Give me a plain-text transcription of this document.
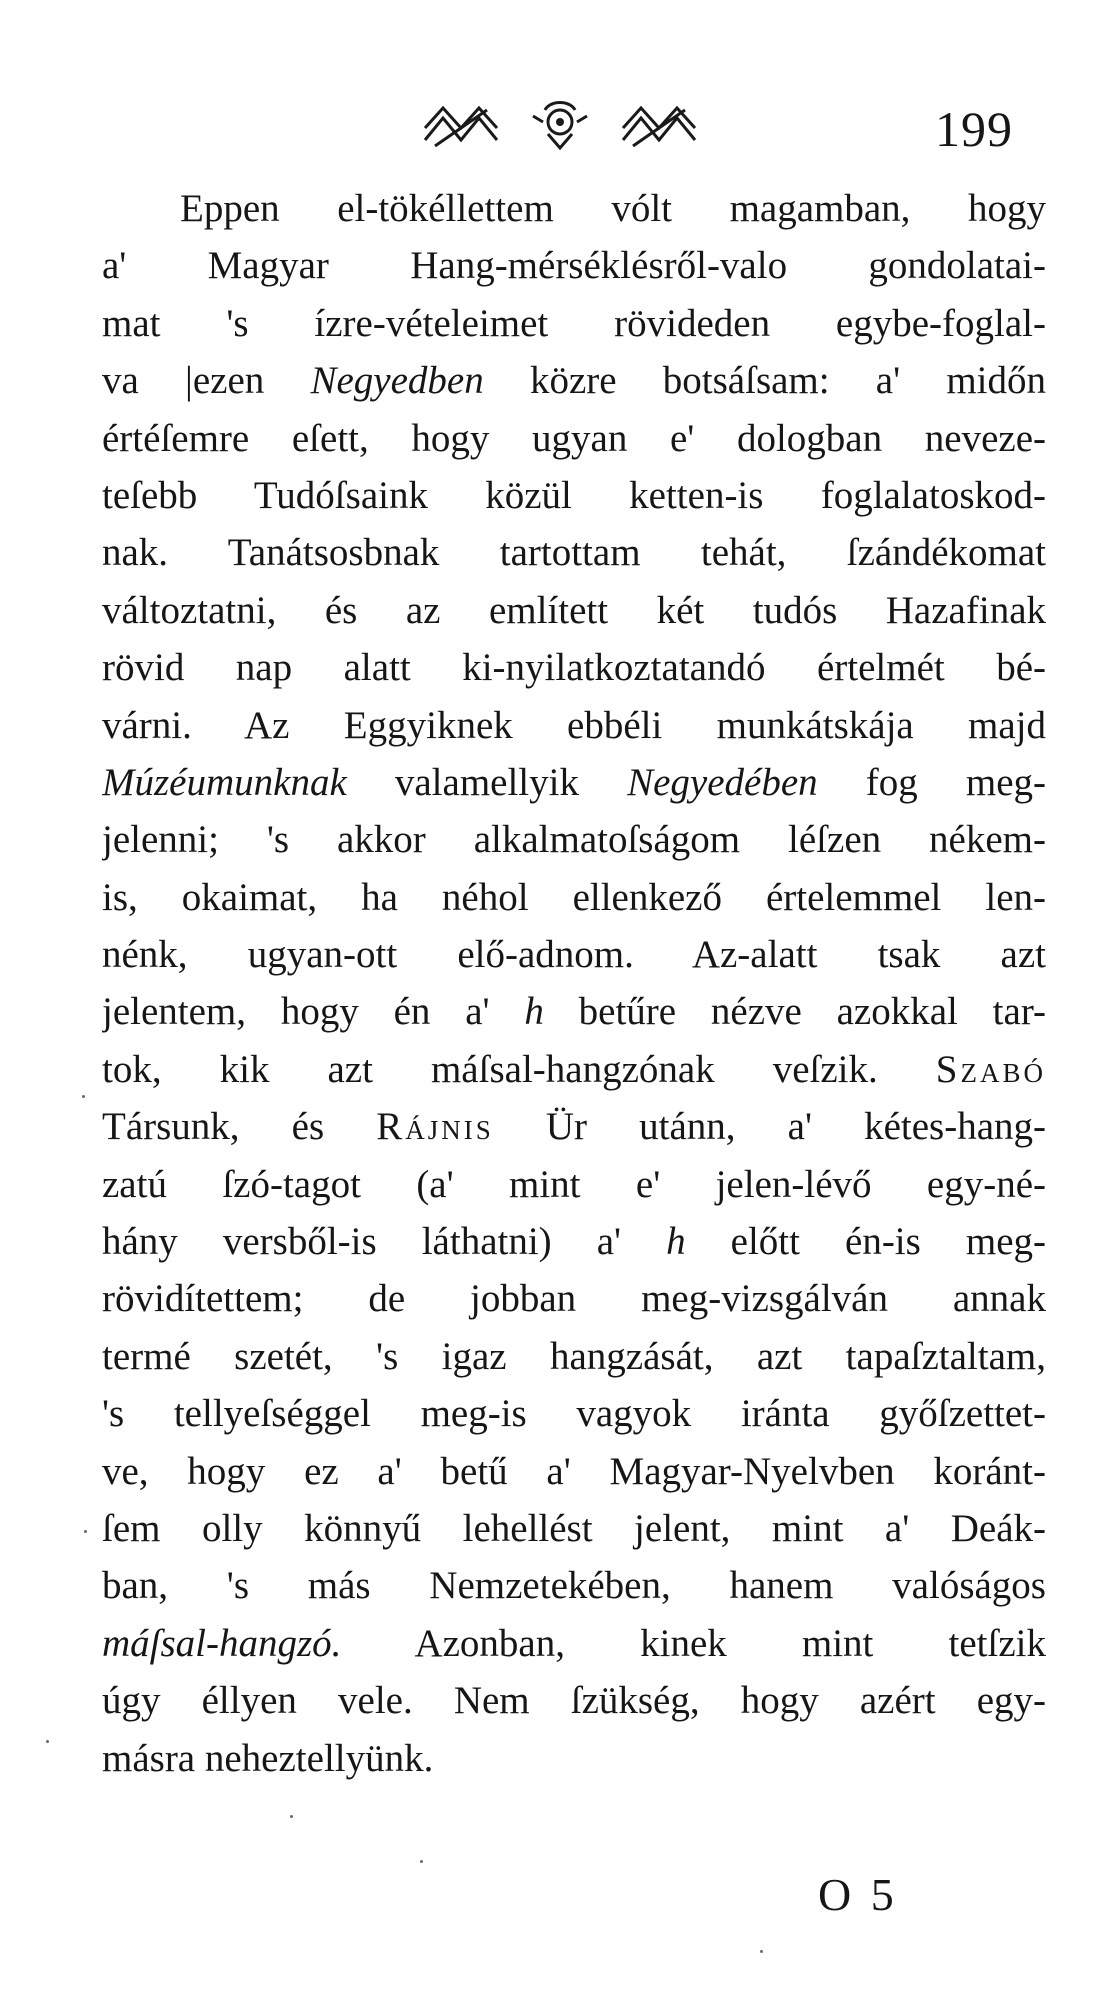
199
Eppen el-tökéllettem vólt magamban, hogy
a' Magyar Hang-mérséklésről-valo gondolatai-
mat 's ízre-vételeimet rövideden egybe-foglal-
va |ezen Negyedben közre botsáſsam: a' midőn
értéſemre eſett, hogy ugyan e' dologban neveze-
teſebb Tudóſsaink közül ketten-is foglalatoskod-
nak. Tanátsosbnak tartottam tehát, ſzándékomat
változtatni, és az említett két tudós Hazafinak
rövid nap alatt ki-nyilatkoztatandó értelmét bé-
várni. Az Eggyiknek ebbéli munkátskája majd
Múzéumunknak valamellyik Negyedében fog meg-
jelenni; 's akkor alkalmatoſságom léſzen nékem-
is, okaimat, ha néhol ellenkező értelemmel len-
nénk, ugyan-ott elő-adnom. Az-alatt tsak azt
jelentem, hogy én a' h betűre nézve azokkal tar-
tok, kik azt máſsal-hangzónak veſzik. Szabó
Társunk, és Rájnis Ür utánn, a' kétes-hang-
zatú ſzó-tagot (a' mint e' jelen-lévő egy-né-
hány versből-is láthatni) a' h előtt én-is meg-
rövidítettem; de jobban meg-vizsgálván annak
termé szetét, 's igaz hangzását, azt tapaſztaltam,
's tellyeſséggel meg-is vagyok iránta győſzettet-
ve, hogy ez a' betű a' Magyar-Nyelvben koránt-
ſem olly könnyű lehellést jelent, mint a' Deák-
ban, 's más Nemzetekében, hanem valóságos
máſsal-hangzó. Azonban, kinek mint tetſzik
úgy éllyen vele. Nem ſzükség, hogy azért egy-
másra neheztellyünk.
O 5
